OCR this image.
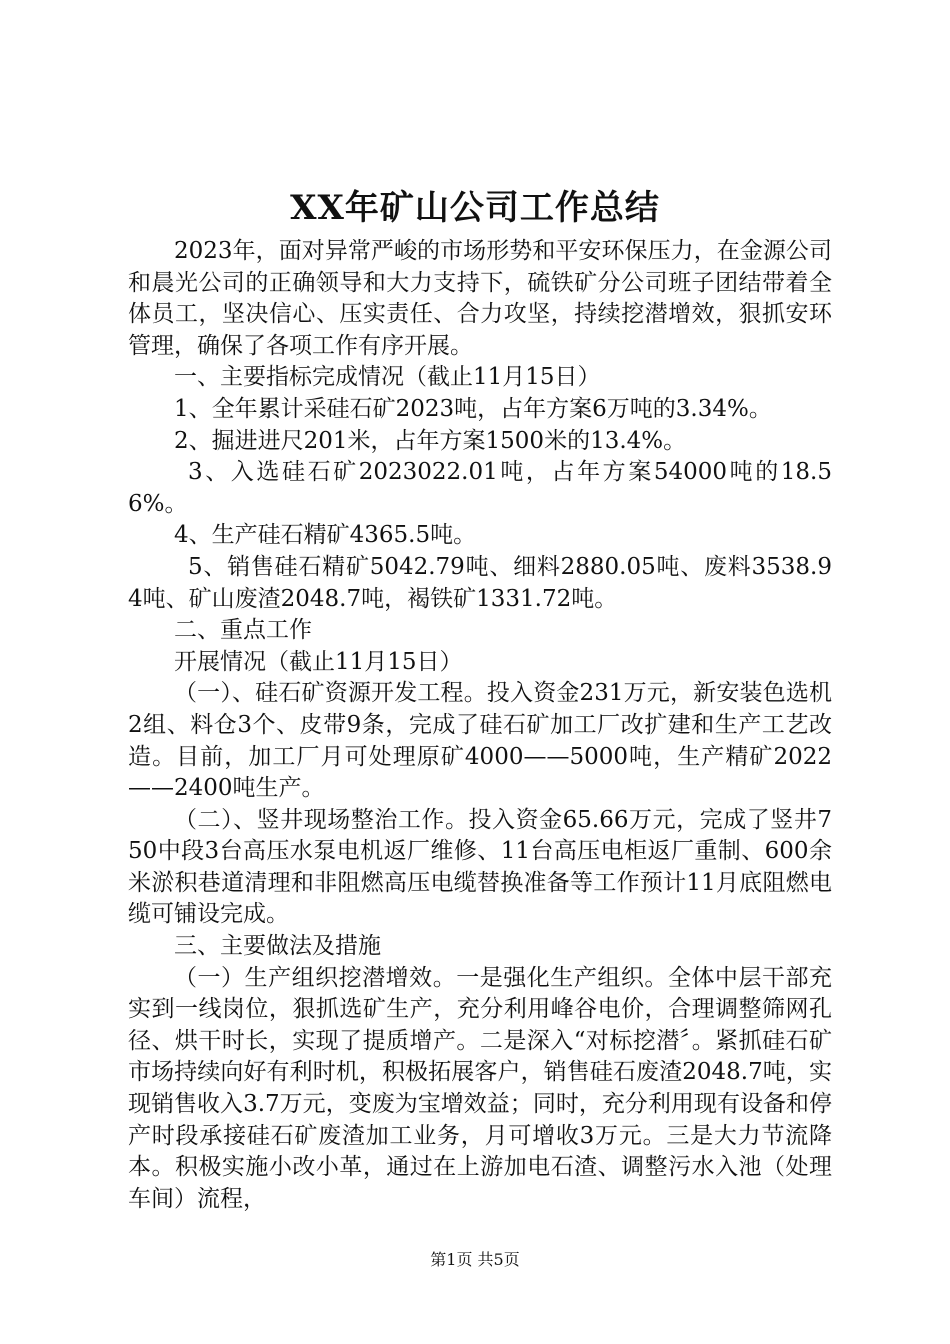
XX年矿山公司工作总结

2023年，面对异常严峻的市场形势和平安环保压力，在金源公司和晨光公司的正确领导和大力支持下，硫铁矿分公司班子团结带着全体员工，坚决信心、压实责任、合力攻坚，持续挖潜增效，狠抓安环管理，确保了各项工作有序开展。

一、主要指标完成情况（截止11月15日）

1、全年累计采硅石矿2023吨，占年方案6万吨的3.34%。

2、掘进进尺201米，占年方案1500米的13.4%。

3、入选硅石矿2023022.01吨，占年方案54000吨的18.56%。

4、生产硅石精矿4365.5吨。

5、销售硅石精矿5042.79吨、细料2880.05吨、废料3538.94吨、矿山废渣2048.7吨，褐铁矿1331.72吨。

二、重点工作

开展情况（截止11月15日）

（一）、硅石矿资源开发工程。投入资金231万元，新安装色选机2组、料仓3个、皮带9条，完成了硅石矿加工厂改扩建和生产工艺改造。目前，加工厂月可处理原矿4000——5000吨，生产精矿2022——2400吨生产。

（二）、竖井现场整治工作。投入资金65.66万元，完成了竖井750中段3台高压水泵电机返厂维修、11台高压电柜返厂重制、600余米淤积巷道清理和非阻燃高压电缆替换准备等工作预计11月底阻燃电缆可铺设完成。

三、主要做法及措施

（一）生产组织挖潜增效。一是强化生产组织。全体中层干部充实到一线岗位，狠抓选矿生产，充分利用峰谷电价，合理调整筛网孔径、烘干时长，实现了提质增产。二是深入“对标挖潜〞。紧抓硅石矿市场持续向好有利时机，积极拓展客户，销售硅石废渣2048.7吨，实现销售收入3.7万元，变废为宝增效益；同时，充分利用现有设备和停产时段承接硅石矿废渣加工业务，月可增收3万元。三是大力节流降本。积极实施小改小革，通过在上游加电石渣、调整污水入池（处理车间）流程，

第1页 共5页
